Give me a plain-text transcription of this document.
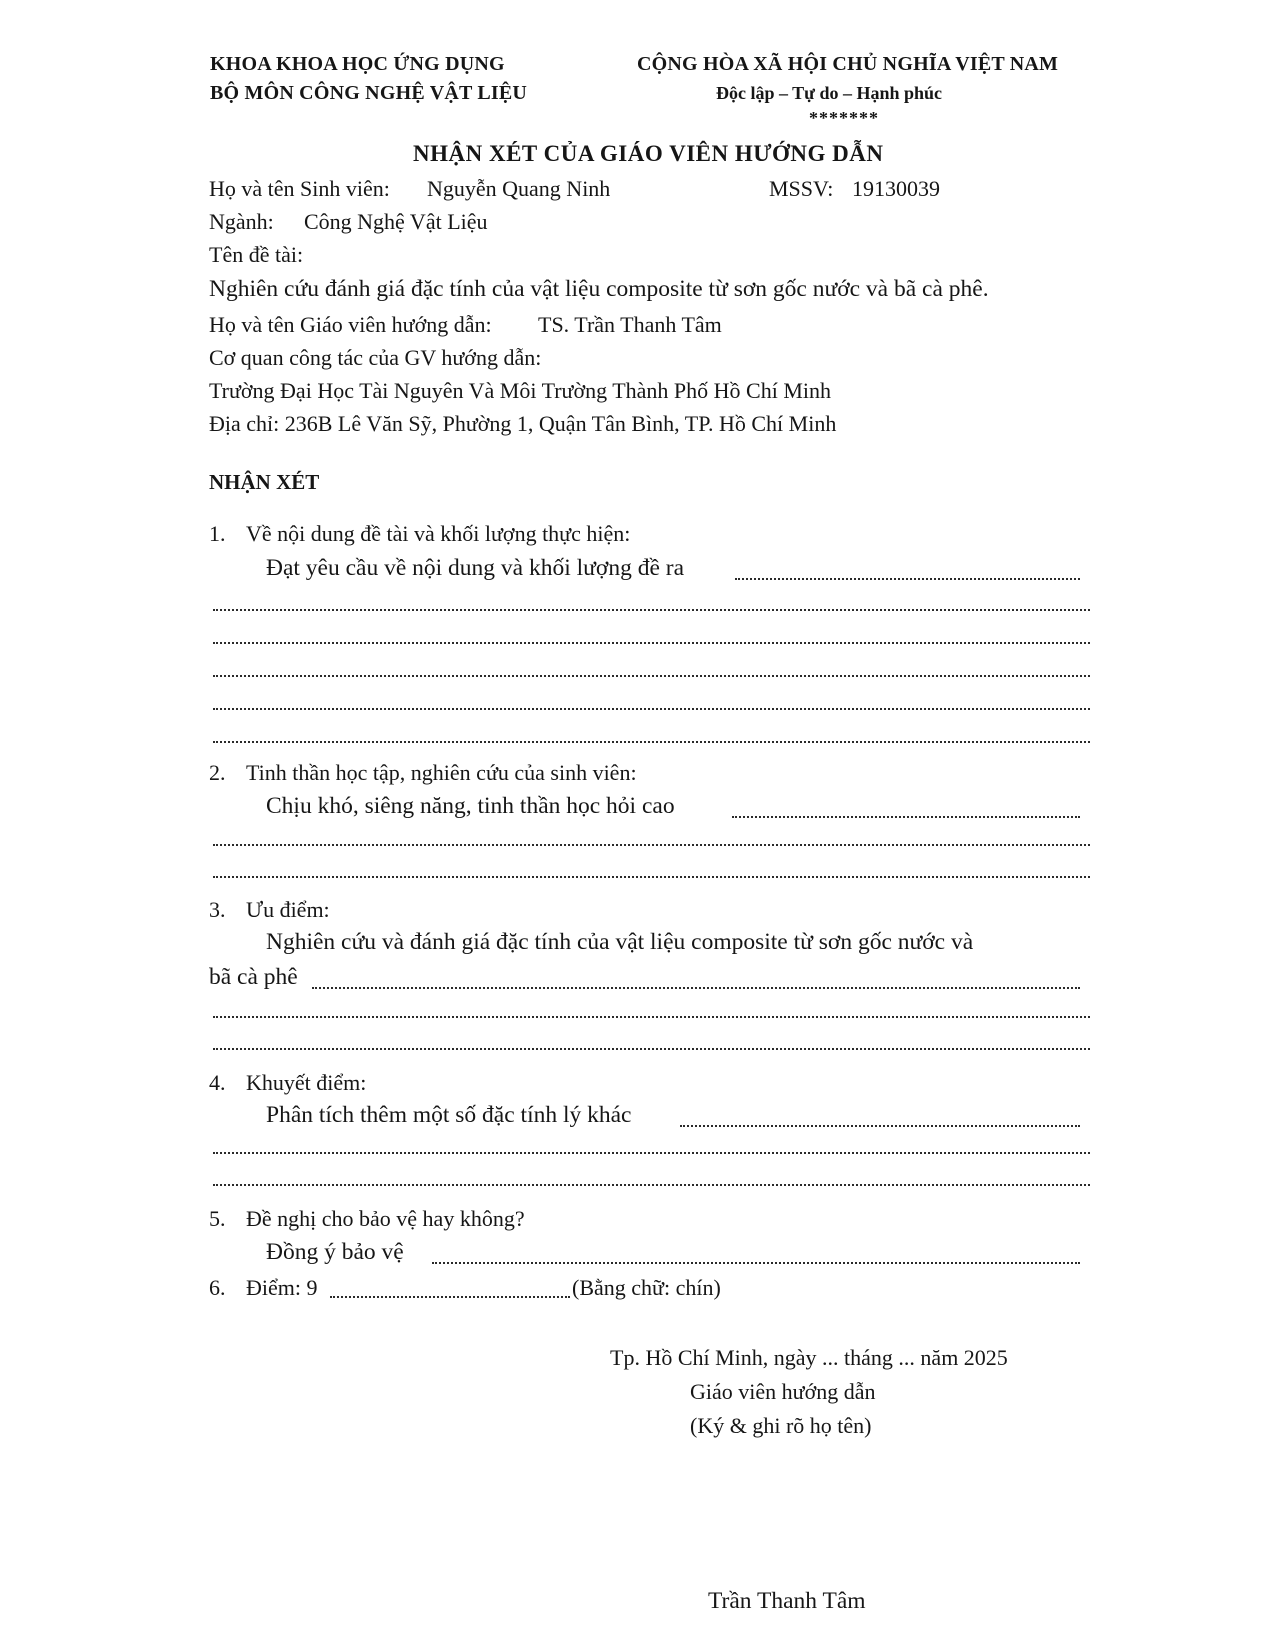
KHOA KHOA HỌC ỨNG DỤNG
BỘ MÔN CÔNG NGHỆ VẬT LIỆU
CỘNG HÒA XÃ HỘI CHỦ NGHĨA VIỆT NAM
Độc lập – Tự do – Hạnh phúc
*******
NHẬN XÉT CỦA GIÁO VIÊN HƯỚNG DẪN
Họ và tên Sinh viên: Nguyễn Quang Ninh	MSSV: 19130039
Ngành: Công Nghệ Vật Liệu
Tên đề tài:
Nghiên cứu đánh giá đặc tính của vật liệu composite từ sơn gốc nước và bã cà phê.
Họ và tên Giáo viên hướng dẫn: TS. Trần Thanh Tâm
Cơ quan công tác của GV hướng dẫn:
Trường Đại Học Tài Nguyên Và Môi Trường Thành Phố Hồ Chí Minh
Địa chỉ: 236B Lê Văn Sỹ, Phường 1, Quận Tân Bình, TP. Hồ Chí Minh
NHẬN XÉT
1. Về nội dung đề tài và khối lượng thực hiện:
Đạt yêu cầu về nội dung và khối lượng đề ra
2. Tinh thần học tập, nghiên cứu của sinh viên:
Chịu khó, siêng năng, tinh thần học hỏi cao
3. Ưu điểm:
Nghiên cứu và đánh giá đặc tính của vật liệu composite từ sơn gốc nước và
bã cà phê
4. Khuyết điểm:
Phân tích thêm một số đặc tính lý khác
5. Đề nghị cho bảo vệ hay không?
Đồng ý bảo vệ
6. Điểm: 9	(Bằng chữ: chín)
Tp. Hồ Chí Minh, ngày ... tháng ... năm 2025
Giáo viên hướng dẫn
(Ký & ghi rõ họ tên)
Trần Thanh Tâm
